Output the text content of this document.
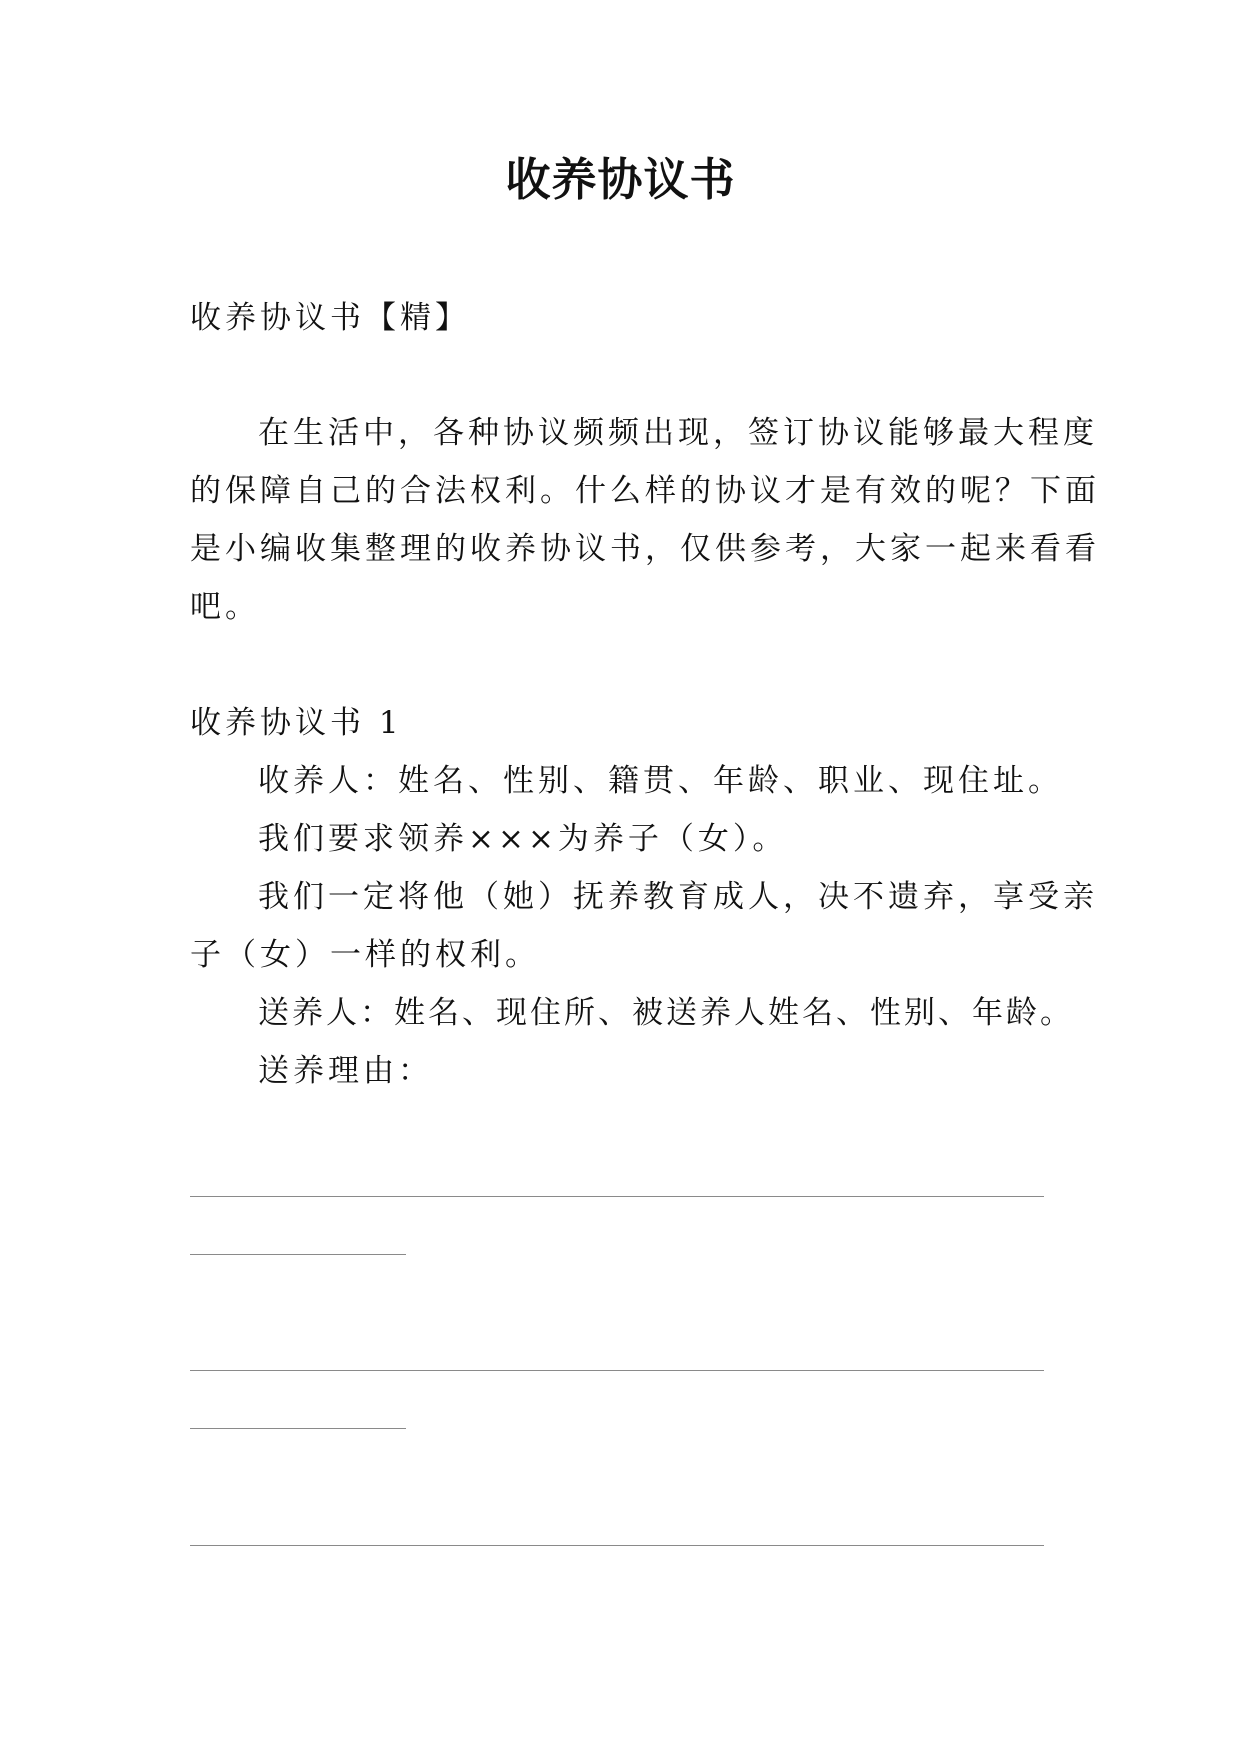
收养协议书

收养协议书【精】

在生活中，各种协议频频出现，签订协议能够最大程度

的保障自己的合法权利。什么样的协议才是有效的呢？下面

是小编收集整理的收养协议书，仅供参考，大家一起来看看

吧。

收养协议书 1

收养人：姓名、性别、籍贯、年龄、职业、现住址。

我们要求领养×××为养子（女）。

我们一定将他（她）抚养教育成人，决不遗弃，享受亲

子（女）一样的权利。

送养人：姓名、现住所、被送养人姓名、性别、年龄。

送养理由：
